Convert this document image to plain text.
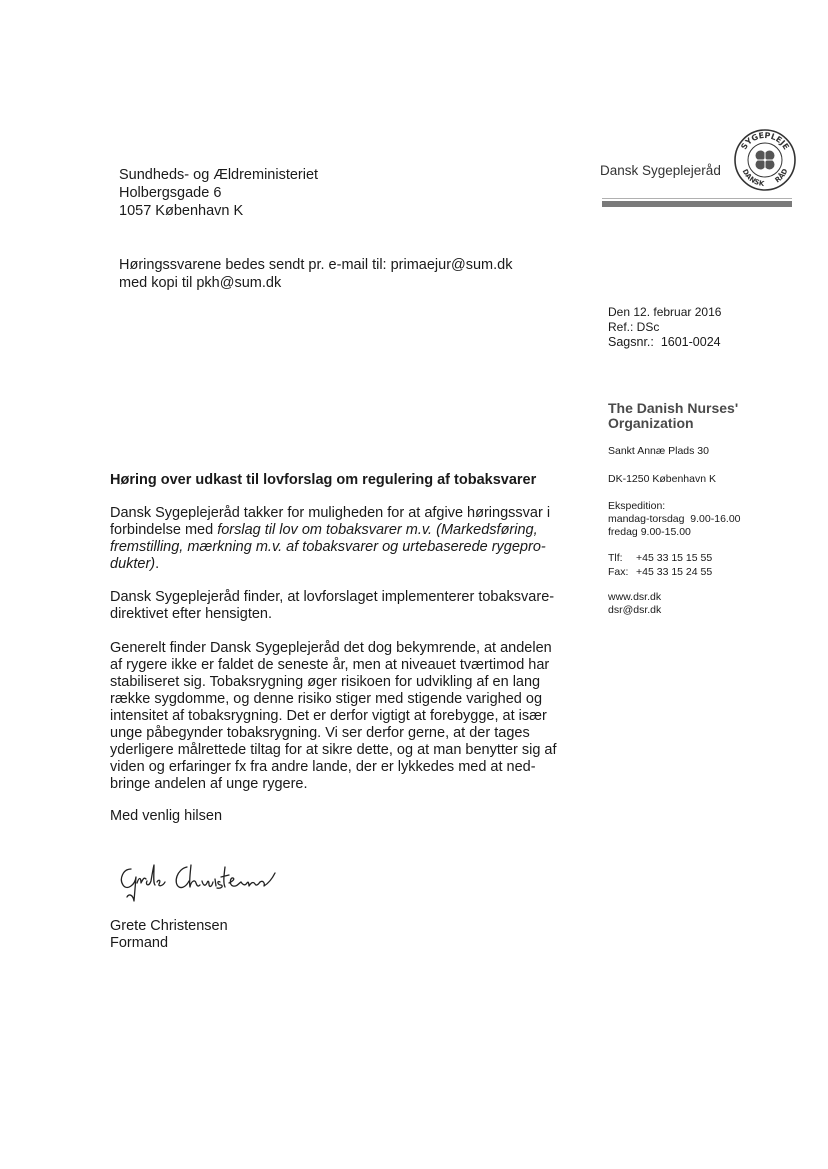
Sundheds- og Ældreministeriet
Holbergsgade 6
1057 København K
Høringssvarene bedes sendt pr. e-mail til: primaejur@sum.dk
med kopi til pkh@sum.dk
Dansk Sygeplejeråd
SYGEPLEJE
DANSK RÅD
Den 12. februar 2016
Ref.: DSc
Sagsnr.: 1601-0024
The Danish Nurses'
Organization
Sankt Annæ Plads 30
DK-1250 København K
Ekspedition:
mandag-torsdag  9.00-16.00
fredag 9.00-15.00
Tlf: +45 33 15 15 55
Fax: +45 33 15 24 55
www.dsr.dk
dsr@dsr.dk
Høring over udkast til lovforslag om regulering af tobaksvarer
Dansk Sygeplejeråd takker for muligheden for at afgive høringssvar i
forbindelse med forslag til lov om tobaksvarer m.v. (Markedsføring,
fremstilling, mærkning m.v. af tobaksvarer og urtebaserede rygepro-
dukter).
Dansk Sygeplejeråd finder, at lovforslaget implementerer tobaksvare-
direktivet efter hensigten.
Generelt finder Dansk Sygeplejeråd det dog bekymrende, at andelen
af rygere ikke er faldet de seneste år, men at niveauet tværtimod har
stabiliseret sig. Tobaksrygning øger risikoen for udvikling af en lang
række sygdomme, og denne risiko stiger med stigende varighed og
intensitet af tobaksrygning. Det er derfor vigtigt at forebygge, at især
unge påbegynder tobaksrygning. Vi ser derfor gerne, at der tages
yderligere målrettede tiltag for at sikre dette, og at man benytter sig af
viden og erfaringer fx fra andre lande, der er lykkedes med at ned-
bringe andelen af unge rygere.
Med venlig hilsen
Grete Christensen
Formand
